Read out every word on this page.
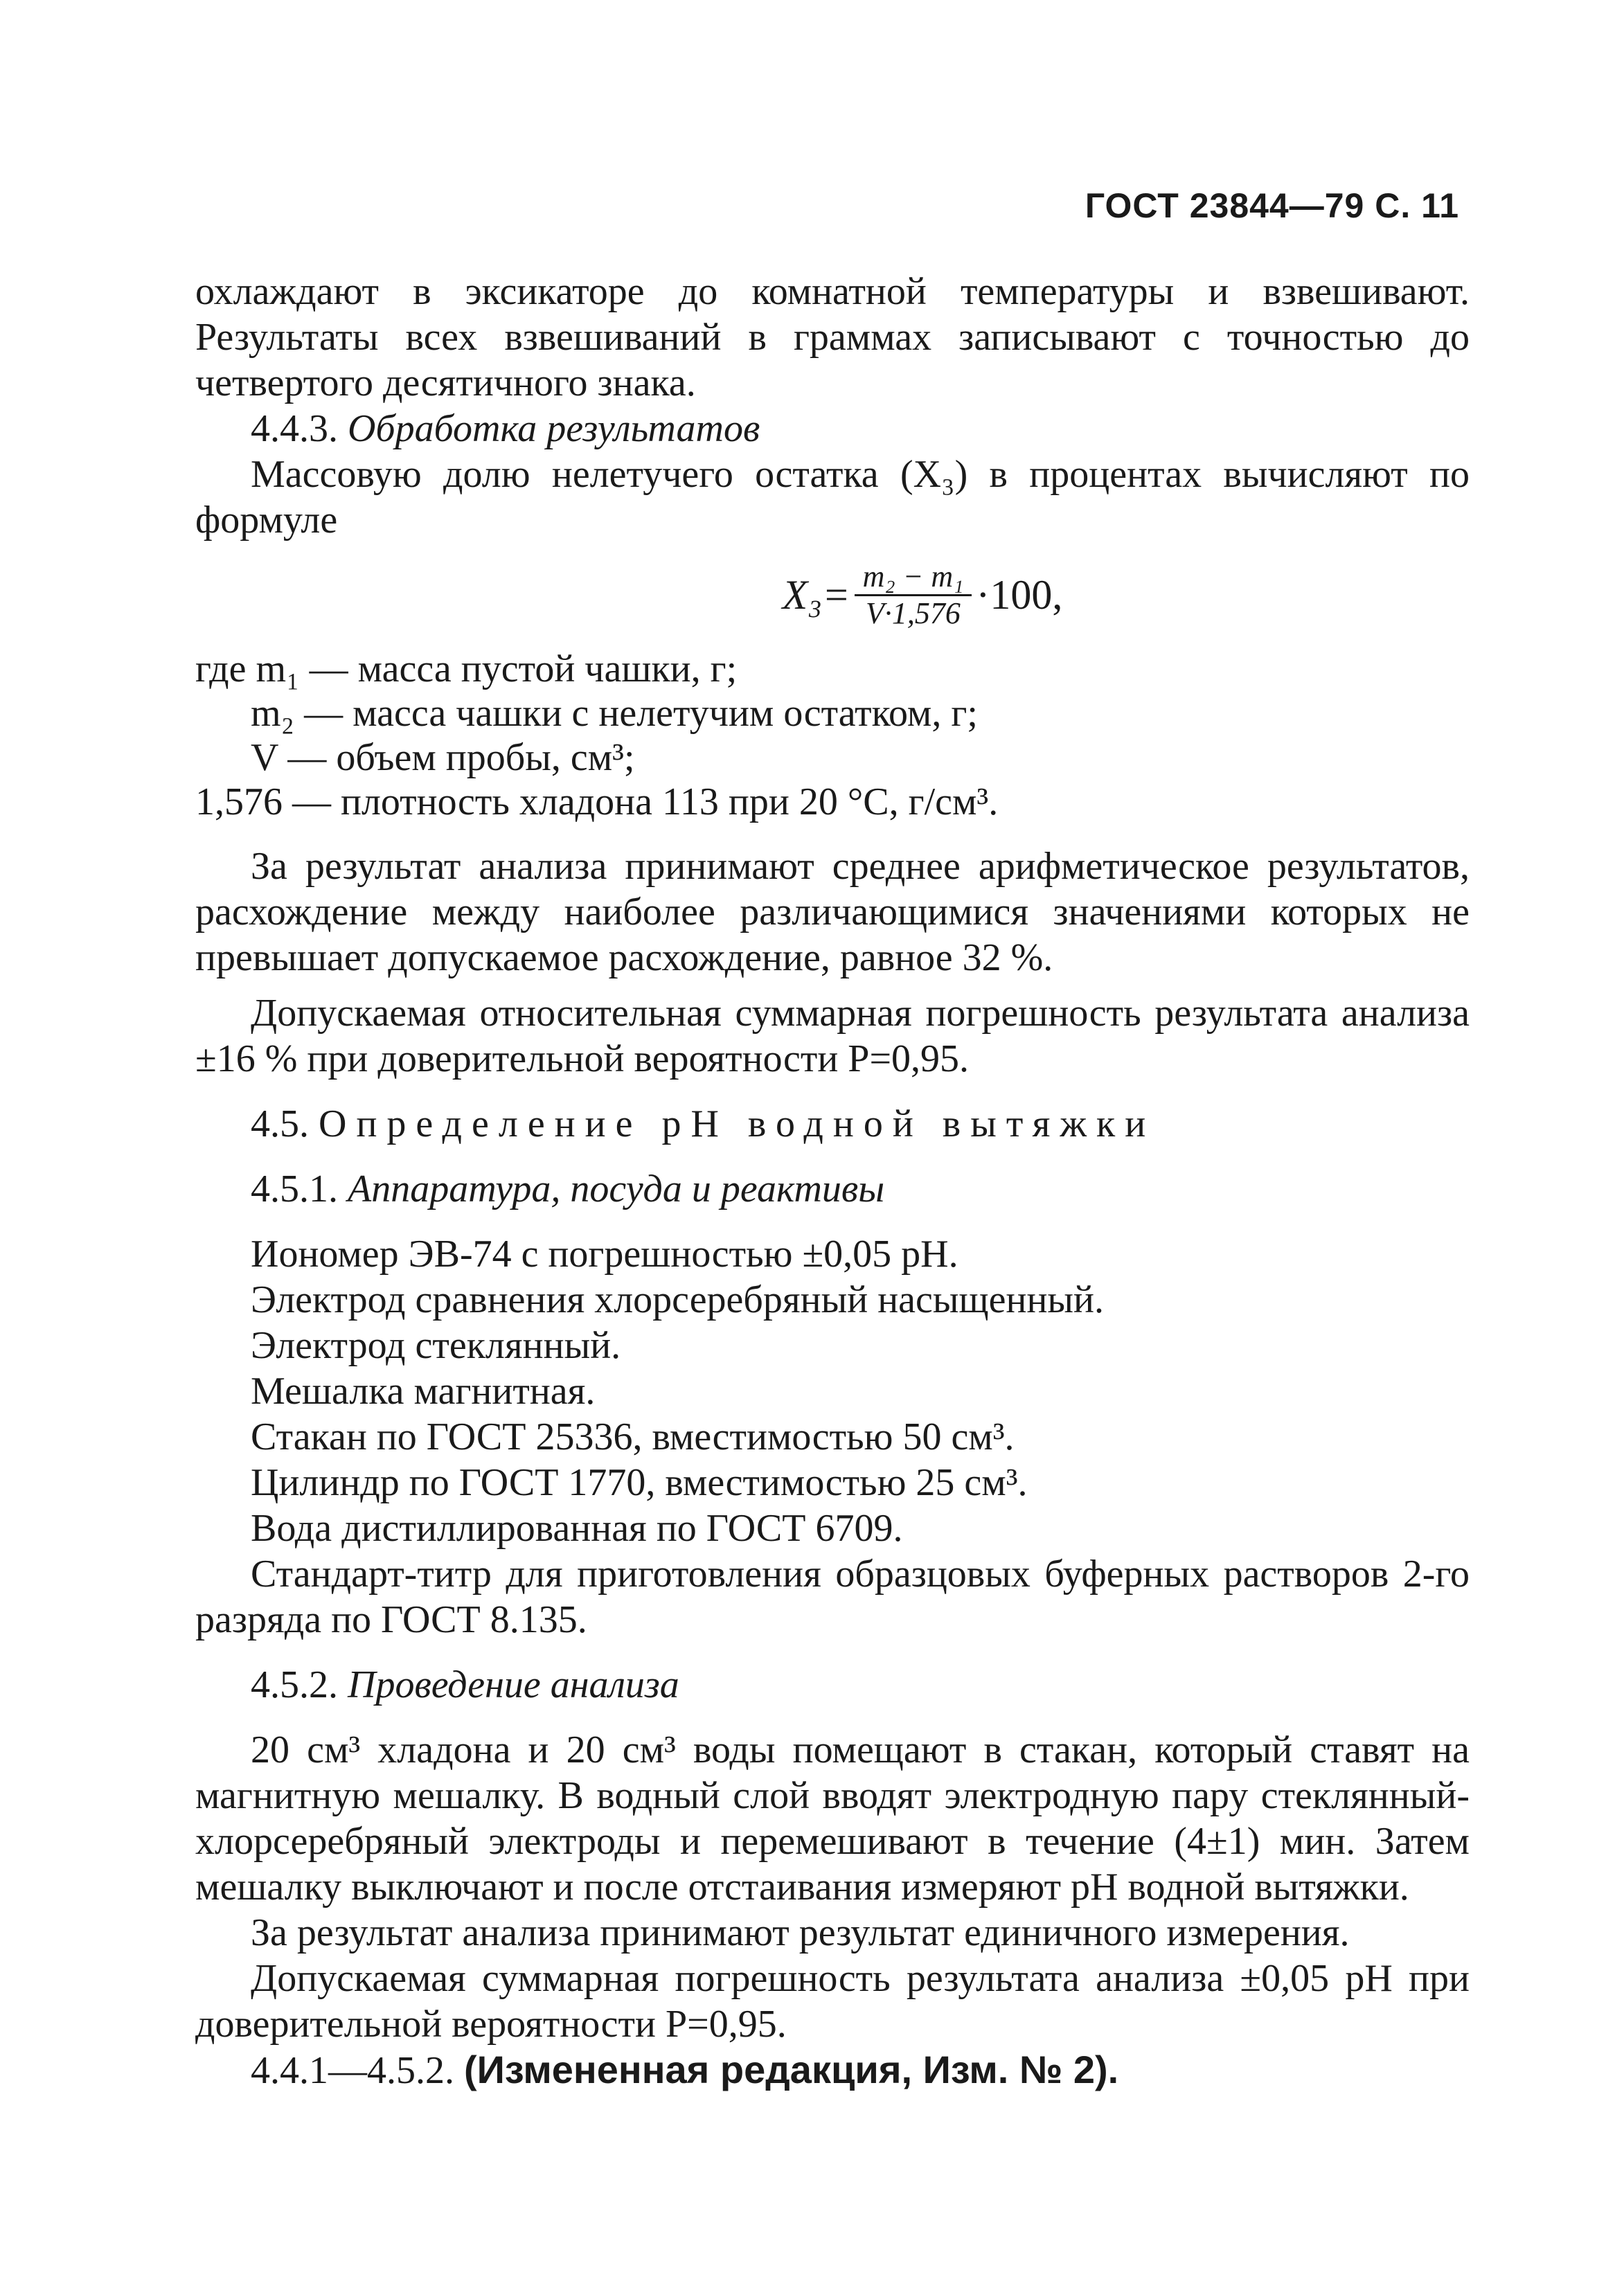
ГОСТ 23844—79 С. 11

охлаждают в эксикаторе до комнатной температуры и взвешивают. Результаты всех взвешиваний в граммах записывают с точностью до четвертого десятичного знака.

4.4.3. Обработка результатов

Массовую долю нелетучего остатка (X₃) в процентах вычисляют по формуле

$X_3= \frac{\text{m₂ − m₁}}{V\cdot 1,576} \cdot 100$,
где m₁ — масса пустой чашки, г;
m₂ — масса чашки с нелетучим остатком, г;
V — объем пробы, см³;
1,576 — плотность хладона 113 при 20 °С, г/см³.

За результат анализа принимают среднее арифметическое результатов, расхождение между наиболее различающимися значениями которых не превышает допускаемое расхождение, равное 32 %.

Допускаемая относительная суммарная погрешность результата анализа ±16 % при доверительной вероятности P=0,95.

4.5. Определение pH водной вытяжки

4.5.1. Аппаратура, посуда и реактивы

Иономер ЭВ-74 с погрешностью ±0,05 pH.

Электрод сравнения хлорсеребряный насыщенный.

Электрод стеклянный.

Мешалка магнитная.

Стакан по ГОСТ 25336, вместимостью 50 см³.

Цилиндр по ГОСТ 1770, вместимостью 25 см³.

Вода дистиллированная по ГОСТ 6709.

Стандарт-титр для приготовления образцовых буферных растворов 2-го разряда по ГОСТ 8.135.

4.5.2. Проведение анализа

20 см³ хладона и 20 см³ воды помещают в стакан, который ставят на магнитную мешалку. В водный слой вводят электродную пару стеклянный-хлорсеребряный электроды и перемешивают в течение (4±1) мин. Затем мешалку выключают и после отстаивания измеряют pH водной вытяжки.

За результат анализа принимают результат единичного измерения.

Допускаемая суммарная погрешность результата анализа ±0,05 pH при доверительной вероятности P=0,95.

4.4.1—4.5.2. (Измененная редакция, Изм. № 2).
